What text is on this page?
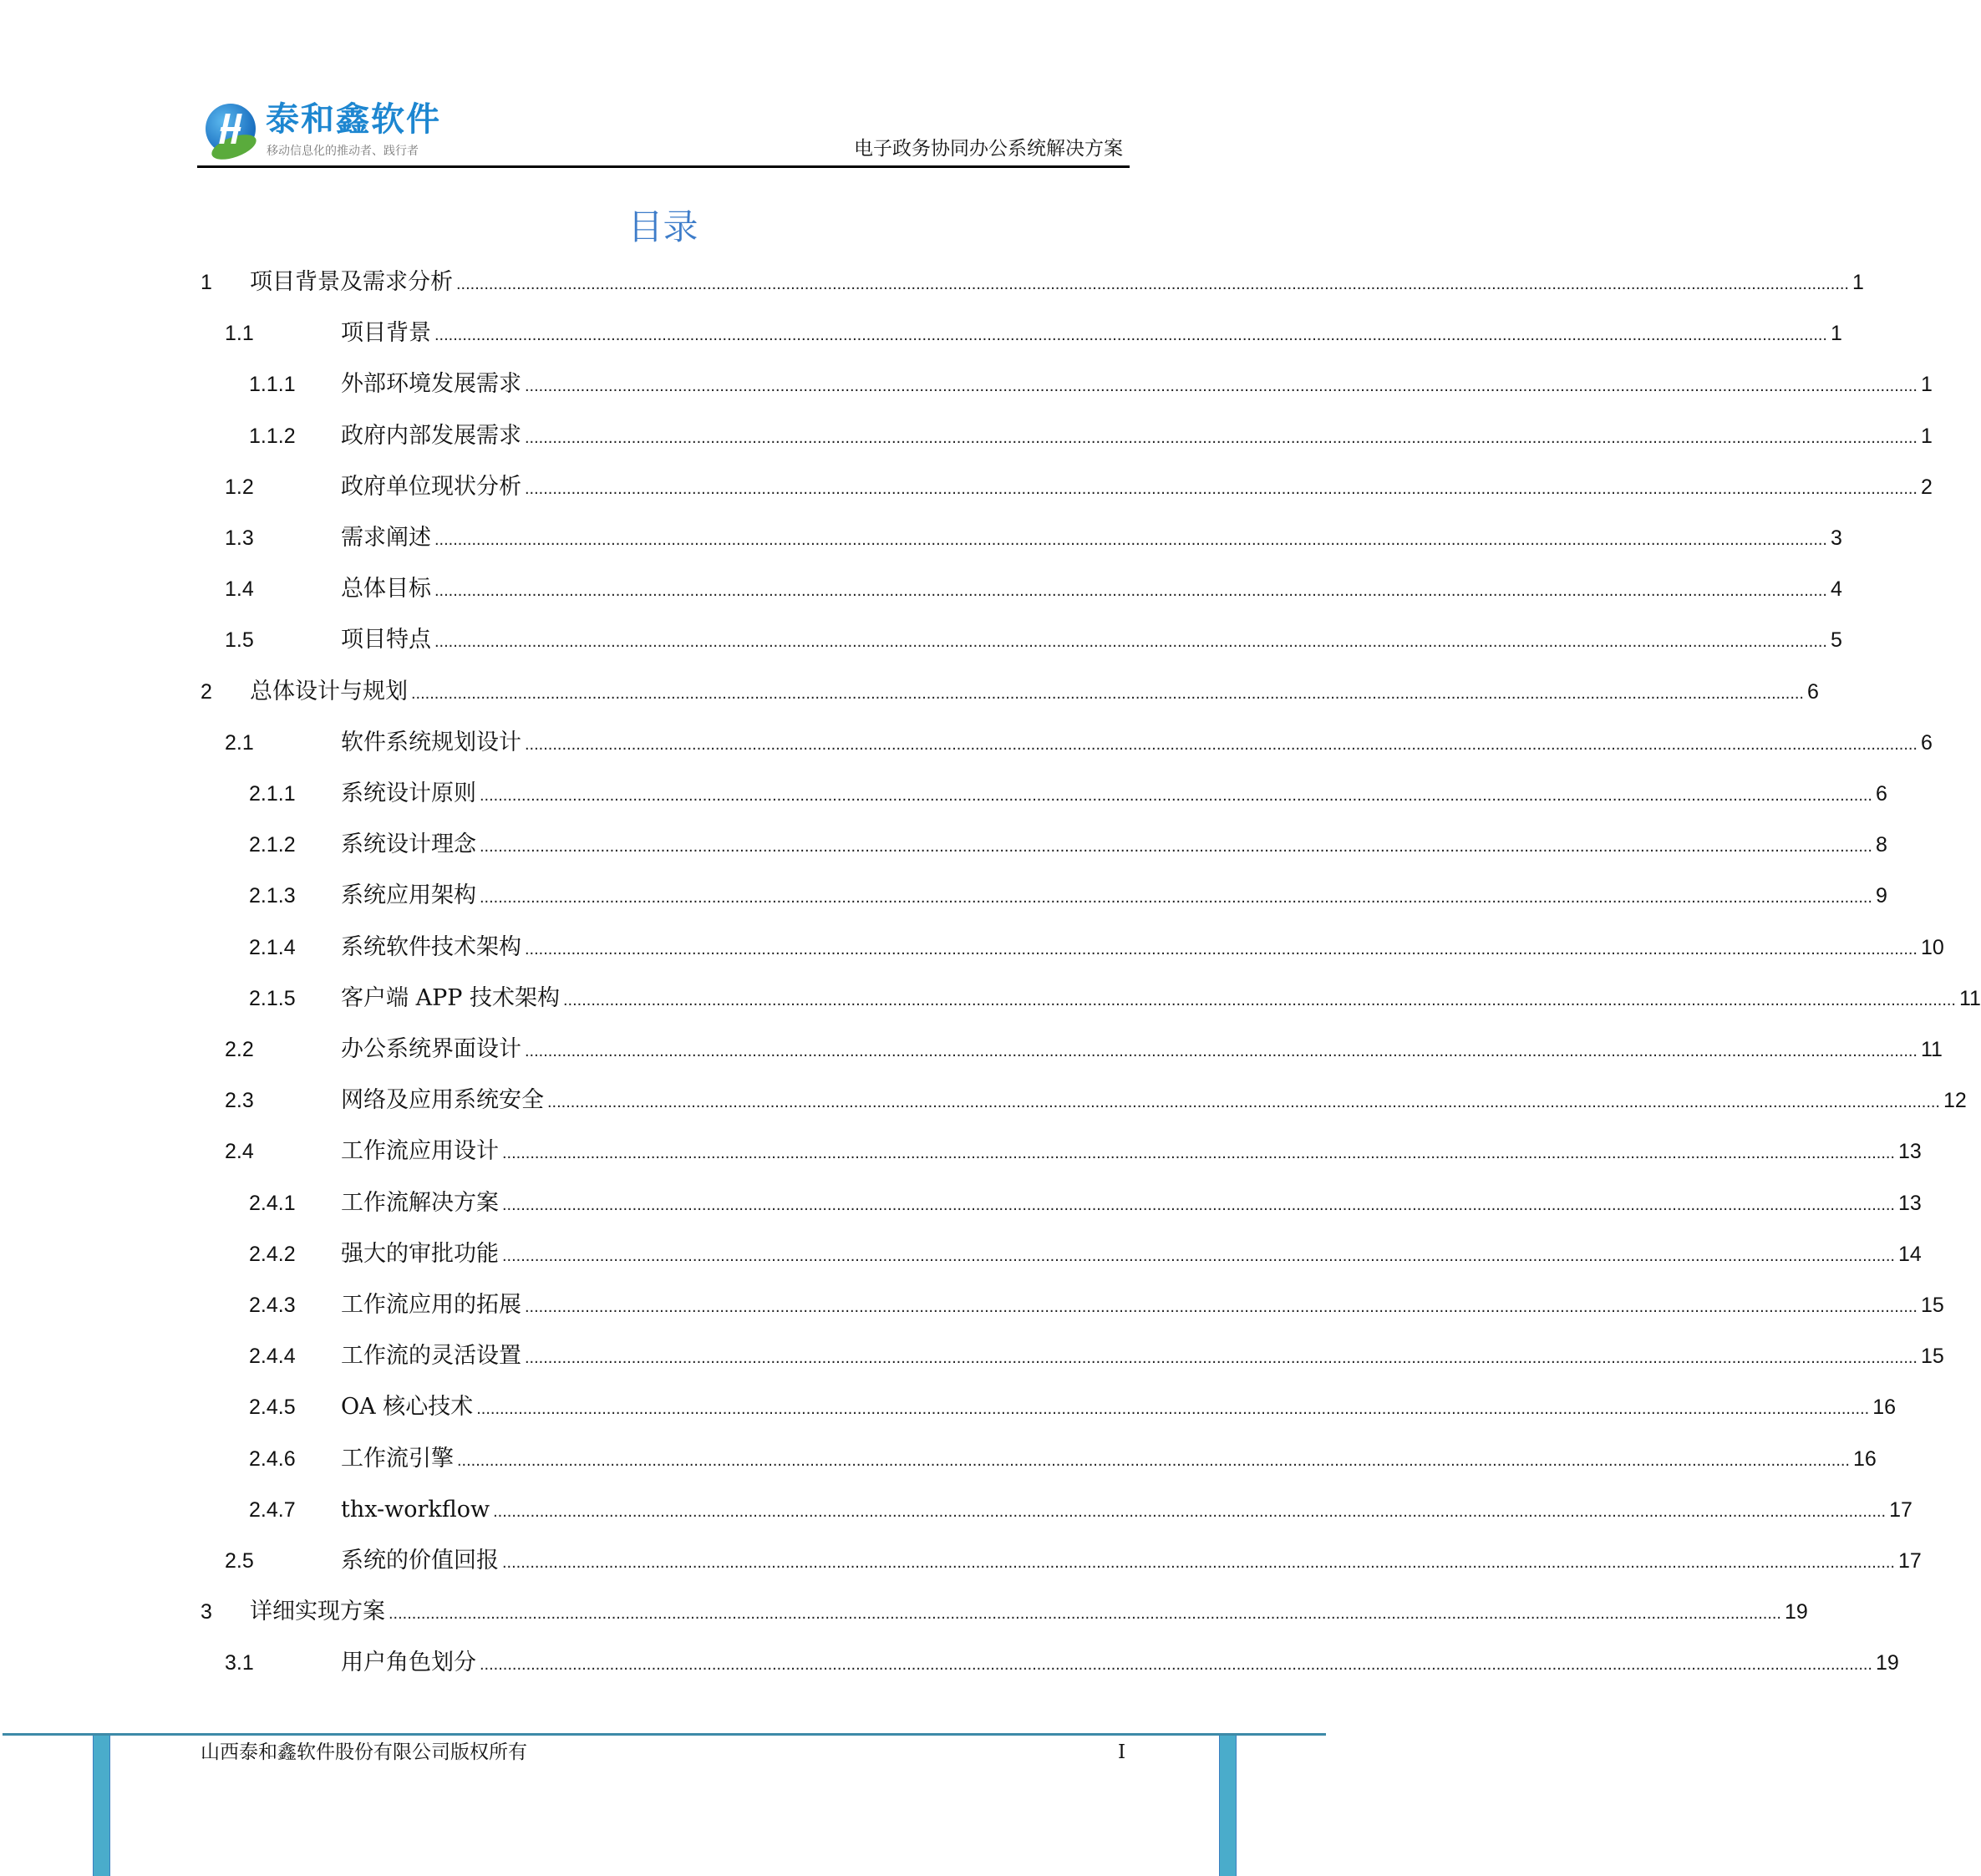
泰和鑫软件
移动信息化的推动者、践行者	电子政务协同办公系统解决方案
目录
1 项目背景及需求分析 ............................................................................................................................................................................................................................................................................................................ 1
1.1	项目背景 ............................................................................................................................................................................................................................................................................................................ 1
1.1.1 外部环境发展需求 ............................................................................................................................................................................................................................................................................................................ 1
1.1.2 政府内部发展需求 ............................................................................................................................................................................................................................................................................................................ 1
1.2	政府单位现状分析 ............................................................................................................................................................................................................................................................................................................ 2
1.3	需求阐述 ............................................................................................................................................................................................................................................................................................................ 3
1.4	总体目标 ............................................................................................................................................................................................................................................................................................................ 4
1.5	项目特点 ............................................................................................................................................................................................................................................................................................................ 5
2 总体设计与规划 ............................................................................................................................................................................................................................................................................................................ 6
2.1	软件系统规划设计 ............................................................................................................................................................................................................................................................................................................ 6
2.1.1 系统设计原则 ............................................................................................................................................................................................................................................................................................................ 6
2.1.2 系统设计理念 ............................................................................................................................................................................................................................................................................................................ 8
2.1.3 系统应用架构 ............................................................................................................................................................................................................................................................................................................ 9
2.1.4 系统软件技术架构 ............................................................................................................................................................................................................................................................................................................ 10
2.1.5 客户端 APP 技术架构 ............................................................................................................................................................................................................................................................................................................ 11
2.2	办公系统界面设计 ............................................................................................................................................................................................................................................................................................................ 11
2.3	网络及应用系统安全 ............................................................................................................................................................................................................................................................................................................ 12
2.4	工作流应用设计 ............................................................................................................................................................................................................................................................................................................ 13
2.4.1 工作流解决方案 ............................................................................................................................................................................................................................................................................................................ 13
2.4.2 强大的审批功能 ............................................................................................................................................................................................................................................................................................................ 14
2.4.3 工作流应用的拓展 ............................................................................................................................................................................................................................................................................................................ 15
2.4.4 工作流的灵活设置 ............................................................................................................................................................................................................................................................................................................ 15
2.4.5 OA 核心技术 ............................................................................................................................................................................................................................................................................................................ 16
2.4.6 工作流引擎 ............................................................................................................................................................................................................................................................................................................ 16
2.4.7 thx-workflow ............................................................................................................................................................................................................................................................................................................ 17
2.5	系统的价值回报 ............................................................................................................................................................................................................................................................................................................ 17
3 详细实现方案 ............................................................................................................................................................................................................................................................................................................ 19
3.1	用户角色划分 ............................................................................................................................................................................................................................................................................................................ 19
山西泰和鑫软件股份有限公司版权所有	I
